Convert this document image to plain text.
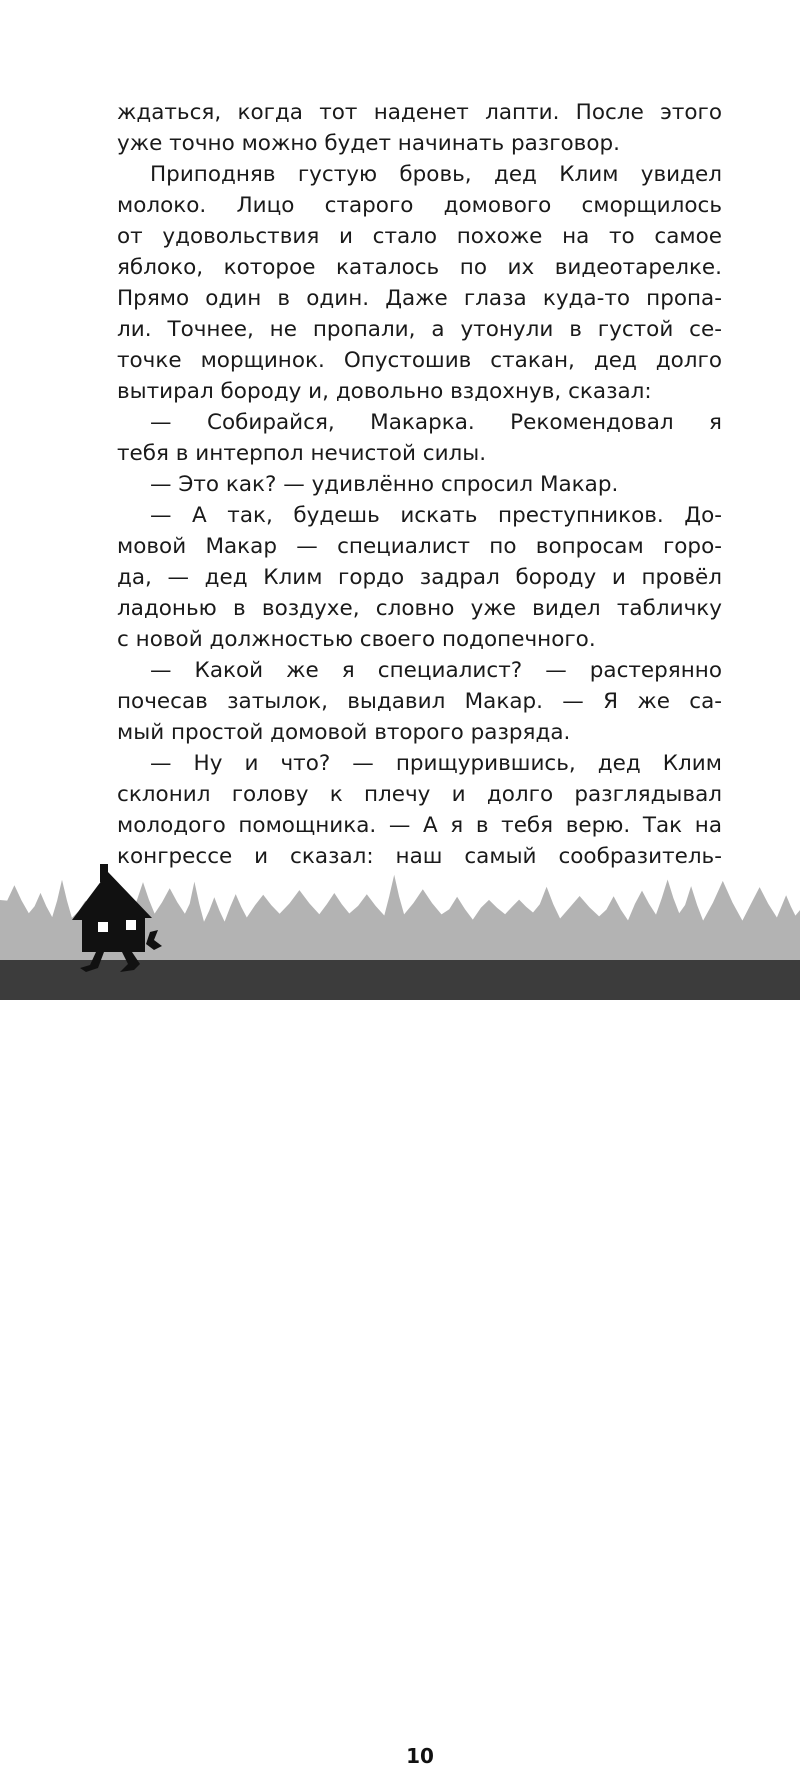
ждаться, когда тот наденет лапти. После этого
уже точно можно будет начинать разговор.
Приподняв густую бровь, дед Клим увидел
молоко. Лицо старого домового сморщилось
от удовольствия и стало похоже на то самое
яблоко, которое каталось по их видеотарелке.
Прямо один в один. Даже глаза куда-то пропа-
ли. Точнее, не пропали, а утонули в густой се-
точке морщинок. Опустошив стакан, дед долго
вытирал бороду и, довольно вздохнув, сказал:
— Собирайся, Макарка. Рекомендовал я
тебя в интерпол нечистой силы.
— Это как? — удивлённо спросил Макар.
— А так, будешь искать преступников. До-
мовой Макар — специалист по вопросам горо-
да, — дед Клим гордо задрал бороду и провёл
ладонью в воздухе, словно уже видел табличку
с новой должностью своего подопечного.
— Какой же я специалист? — растерянно
почесав затылок, выдавил Макар. — Я же са-
мый простой домовой второго разряда.
— Ну и что? — прищурившись, дед Клим
склонил голову к плечу и долго разглядывал
молодого помощника. — А я в тебя верю. Так на
конгрессе и сказал: наш самый сообразитель-
10
